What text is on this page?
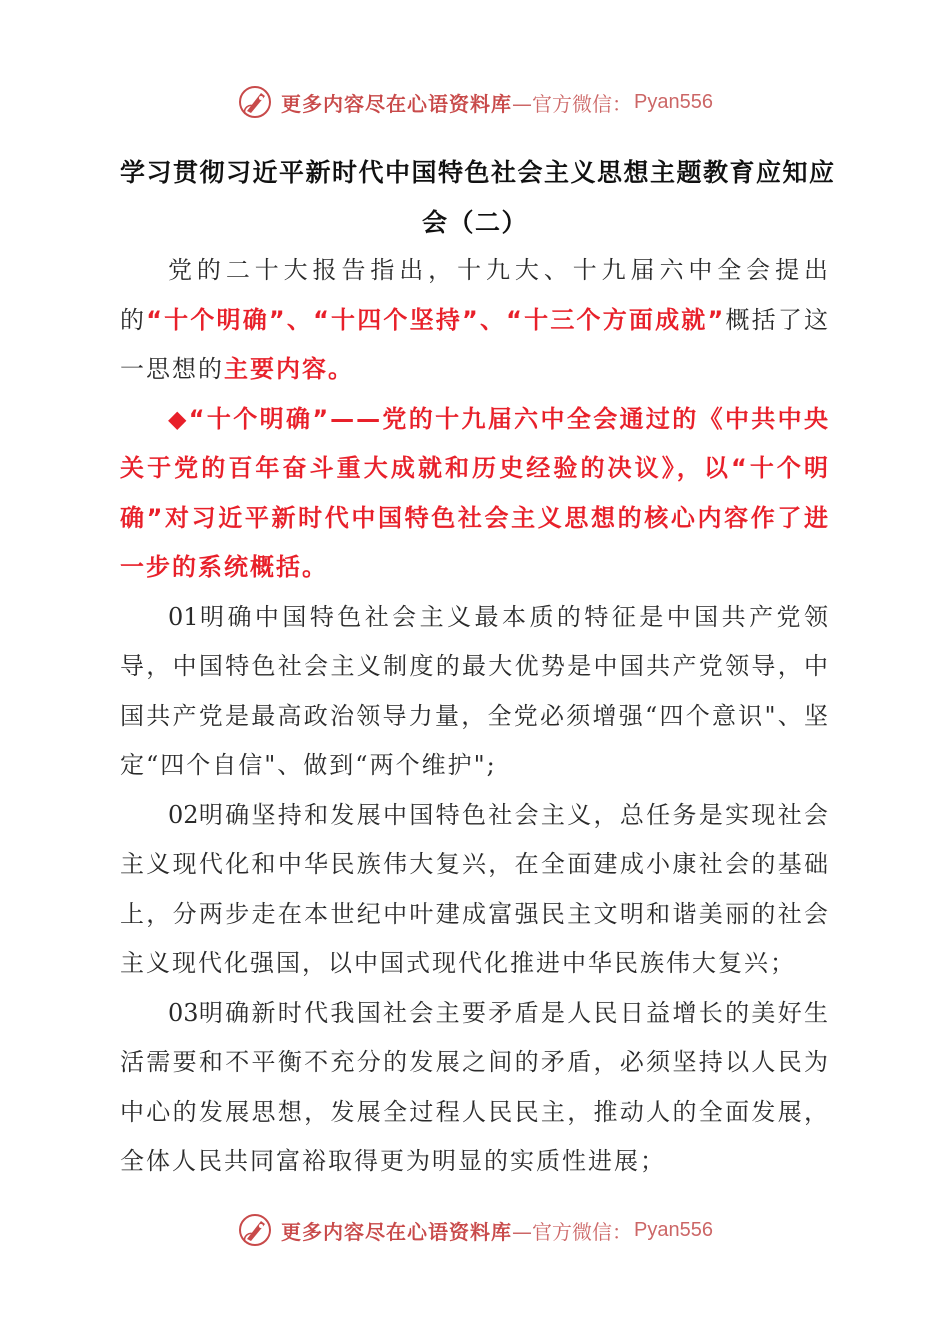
更多内容尽在心语资料库 —官方微信： Pyan556
学习贯彻习近平新时代中国特色社会主义思想主题教育应知应
会（二）

党的二十大报告指出，十九大、十九届六中全会提出的“十个明确”、“十四个坚持”、“十三个方面成就”概括了这一思想的主要内容。

◆“十个明确”——党的十九届六中全会通过的《中共中央关于党的百年奋斗重大成就和历史经验的决议》，以“十个明确”对习近平新时代中国特色社会主义思想的核心内容作了进一步的系统概括。

01明确中国特色社会主义最本质的特征是中国共产党领导，中国特色社会主义制度的最大优势是中国共产党领导，中国共产党是最高政治领导力量，全党必须增强“四个意识"、坚定“四个自信"、做到“两个维护";

02明确坚持和发展中国特色社会主义，总任务是实现社会主义现代化和中华民族伟大复兴，在全面建成小康社会的基础上，分两步走在本世纪中叶建成富强民主文明和谐美丽的社会主义现代化强国，以中国式现代化推进中华民族伟大复兴；

03明确新时代我国社会主要矛盾是人民日益增长的美好生活需要和不平衡不充分的发展之间的矛盾，必须坚持以人民为中心的发展思想，发展全过程人民民主，推动人的全面发展，全体人民共同富裕取得更为明显的实质性进展；

更多内容尽在心语资料库 —官方微信： Pyan556
